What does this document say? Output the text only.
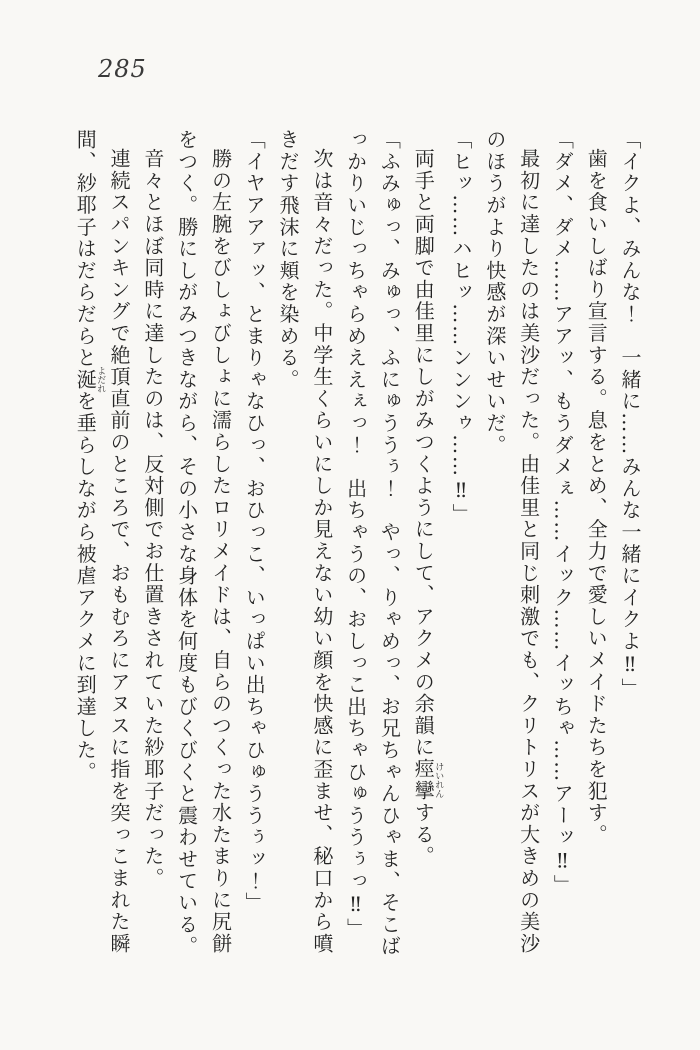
285

「イクよ、みんな！　一緒に……みんな一緒にイクよ‼」

歯を食いしばり宣言する。息をとめ、全力で愛しいメイドたちを犯す。

「ダメ、ダメ……アアッ、もうダメぇ……イック……イッちゃ……アーッ‼」

最初に達したのは美沙だった。由佳里と同じ刺激でも、クリトリスが大きめの美沙のほうがより快感が深いせいだ。

「ヒッ……ハヒッ……ンンンゥ……‼」

両手と両脚で由佳里にしがみつくようにして、アクメの余韻に痙攣けいれんする。

「ふみゅっ、みゅっ、ふにゅううぅ！　やっ、りゃめっ、お兄ちゃんひゃま、そこばっかりいじっちゃらめええぇっ！　出ちゃうの、おしっこ出ちゃひゅううぅっ‼」

次は音々だった。中学生くらいにしか見えない幼い顔を快感に歪ませ、秘口から噴きだす飛沫に頬を染める。

「イヤアアァッ、とまりゃなひっ、おひっこ、いっぱい出ちゃひゅううぅッ！」

勝の左腕をびしょびしょに濡らしたロリメイドは、自らのつくった水たまりに尻餅をつく。勝にしがみつきながら、その小さな身体を何度もびくびくと震わせている。

音々とほぼ同時に達したのは、反対側でお仕置きされていた紗耶子だった。

連続スパンキングで絶頂直前のところで、おもむろにアヌスに指を突っこまれた瞬間、紗耶子はだらだらと涎よだれを垂らしながら被虐アクメに到達した。
